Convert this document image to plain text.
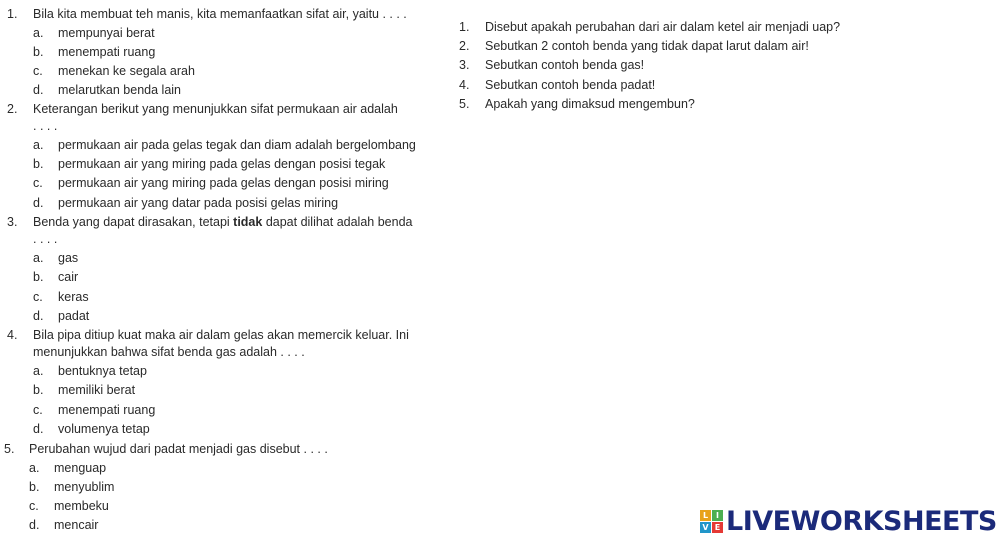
1. Bila kita membuat teh manis, kita memanfaatkan sifat air, yaitu . . . .
a. mempunyai berat
b. menempati ruang
c. menekan ke segala arah
d. melarutkan benda lain
2. Keterangan berikut yang menunjukkan sifat permukaan air adalah
. . . .
a. permukaan air pada gelas tegak dan diam adalah bergelombang
b. permukaan air yang miring pada gelas dengan posisi tegak
c. permukaan air yang miring pada gelas dengan posisi miring
d. permukaan air yang datar pada posisi gelas miring
3. Benda yang dapat dirasakan, tetapi tidak dapat dilihat adalah benda
. . . .
a. gas
b. cair
c. keras
d. padat
4. Bila pipa ditiup kuat maka air dalam gelas akan memercik keluar. Ini
menunjukkan bahwa sifat benda gas adalah . . . .
a. bentuknya tetap
b. memiliki berat
c. menempati ruang
d. volumenya tetap
5. Perubahan wujud dari padat menjadi gas disebut . . . .
a. menguap
b. menyublim
c. membeku
d. mencair
1. Disebut apakah perubahan dari air dalam ketel air menjadi uap?
2. Sebutkan 2 contoh benda yang tidak dapat larut dalam air!
3. Sebutkan contoh benda gas!
4. Sebutkan contoh benda padat!
5. Apakah yang dimaksud mengembun?
L I
V E LIVEWORKSHEETS
